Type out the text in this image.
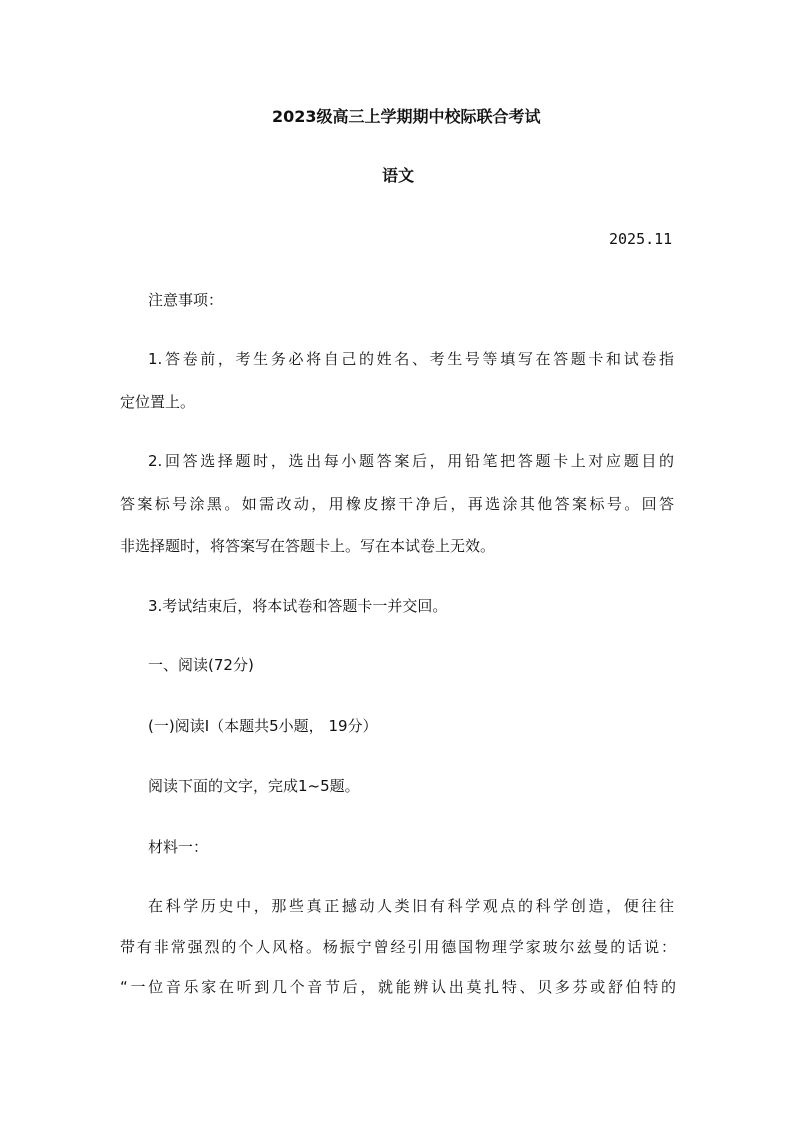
2023级高三上学期期中校际联合考试
语文
2025.11
注意事项：
1.答卷前，考生务必将自己的姓名、考生号等填写在答题卡和试卷指
定位置上。
2.回答选择题时，选出每小题答案后，用铅笔把答题卡上对应题目的
答案标号涂黑。如需改动，用橡皮擦干净后，再选涂其他答案标号。回答
非选择题时，将答案写在答题卡上。写在本试卷上无效。
3.考试结束后，将本试卷和答题卡一并交回。
一、阅读(72分)
(一)阅读Ⅰ（本题共5小题， 19分）
阅读下面的文字，完成1~5题。
材料一：
在科学历史中，那些真正撼动人类旧有科学观点的科学创造，便往往
带有非常强烈的个人风格。杨振宁曾经引用德国物理学家玻尔兹曼的话说：
“一位音乐家在听到几个音节后，就能辨认出莫扎特、贝多芬或舒伯特的
